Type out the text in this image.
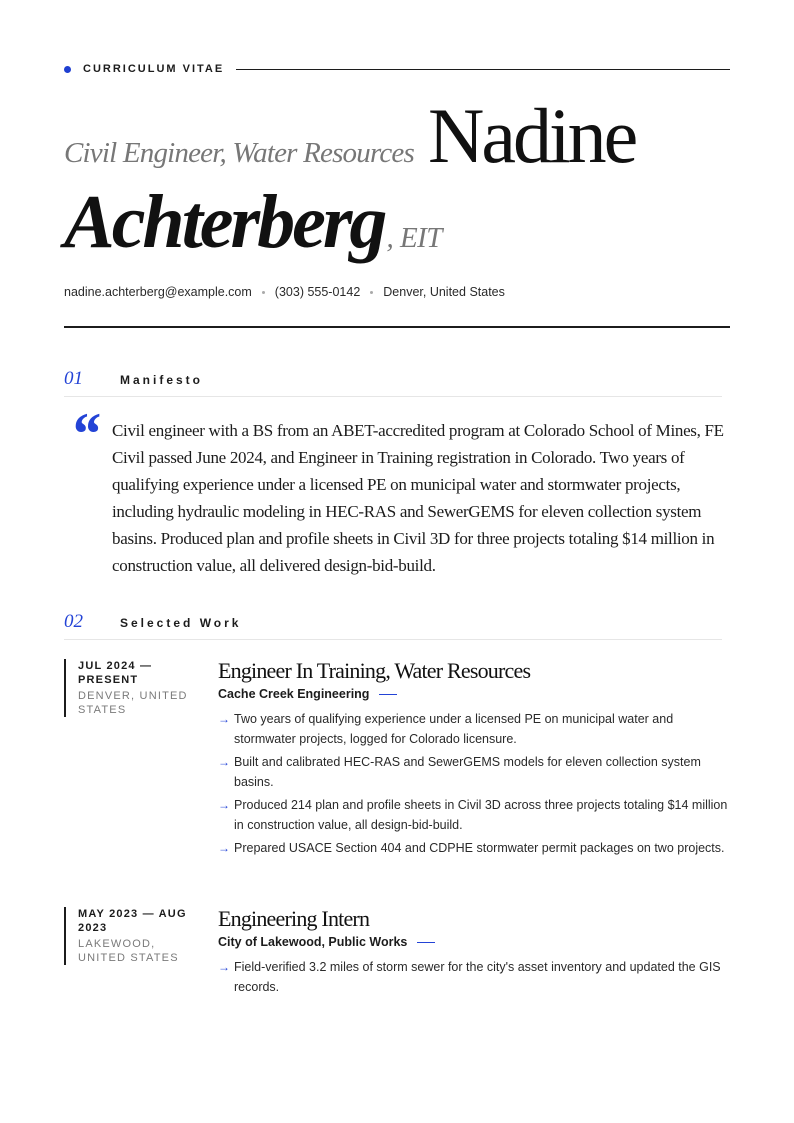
CURRICULUM VITAE
Civil Engineer, Water Resources Nadine
Achterberg , EIT
nadine.achterberg@example.com (303) 555-0142 Denver, United States
01	Manifesto
“ Civil engineer with a BS from an ABET-accredited program at Colorado School of Mines, FE Civil passed June 2024, and Engineer in Training registration in Colorado. Two years of qualifying experience under a licensed PE on municipal water and stormwater projects, including hydraulic modeling in HEC-RAS and SewerGEMS for eleven collection system basins. Produced plan and profile sheets in Civil 3D for three projects totaling $14 million in construction value, all delivered design-bid-build.

02	Selected Work
JUL 2024 — PRESENT
DENVER, UNITED STATES
Engineer In Training, Water Resources
Cache Creek Engineering
→ Two years of qualifying experience under a licensed PE on municipal water and stormwater projects, logged for Colorado licensure.
→ Built and calibrated HEC-RAS and SewerGEMS models for eleven collection system basins.
→ Produced 214 plan and profile sheets in Civil 3D across three projects totaling $14 million in construction value, all design-bid-build.
→ Prepared USACE Section 404 and CDPHE stormwater permit packages on two projects.
MAY 2023 — AUG 2023
LAKEWOOD, UNITED STATES
Engineering Intern
City of Lakewood, Public Works
→ Field-verified 3.2 miles of storm sewer for the city's asset inventory and updated the GIS records.
